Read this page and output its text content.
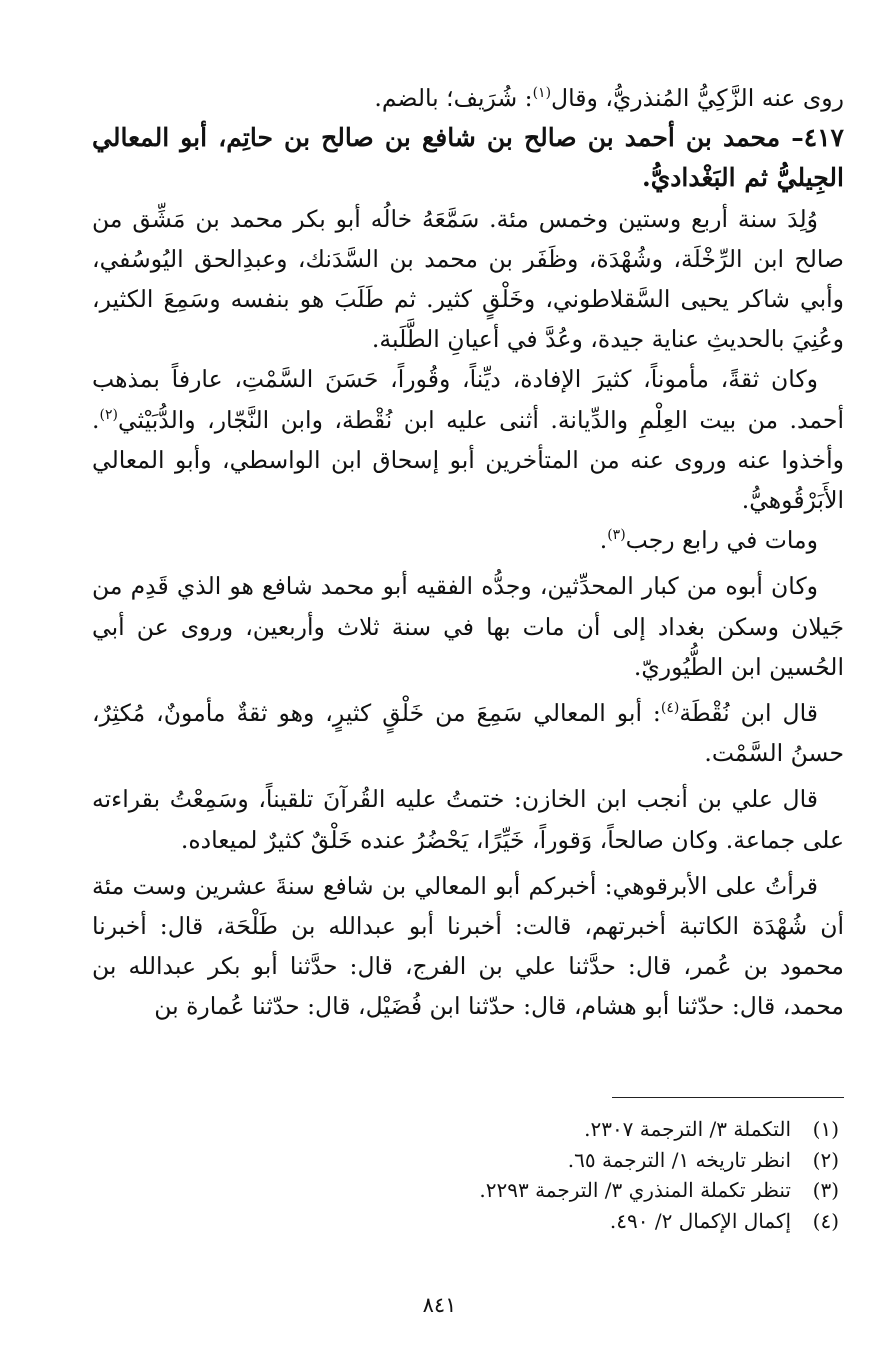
روى عنه الزَّكِيُّ المُنذريُّ، وقال$^{(١)}$: شُرَيف؛ بالضم.

٤١٧– محمد بن أحمد بن صالح بن شافع بن صالح بن حاتِم، أبو المعالي الجِيليُّ ثم البَغْداديُّ.

وُلِدَ سنة أربع وستين وخمس مئة. سَمَّعَهُ خالُه أبو بكر محمد بن مَشِّق من صالح ابن الرِّخْلَة، وشُهْدَة، وظَفَر بن محمد بن السَّدَنك، وعبدِالحق اليُوسُفي، وأبي شاكر يحيى السَّقلاطوني، وخَلْقٍ كثير. ثم طَلَبَ هو بنفسه وسَمِعَ الكثير، وعُنِيَ بالحديثِ عناية جيدة، وعُدَّ في أعيانِ الطَّلَبة.

وكان ثقةً، مأموناً، كثيرَ الإفادة، ديِّناً، وقُوراً، حَسَنَ السَّمْتِ، عارفاً بمذهب أحمد. من بيت العِلْمِ والدِّيانة. أثنى عليه ابن نُقْطة، وابن النَّجّار، والدُّبَيْثي$^{(٢)}$. وأخذوا عنه وروى عنه من المتأخرين أبو إسحاق ابن الواسطي، وأبو المعالي الأَبَرْقُوهيُّ.

ومات في رابع رجب$^{(٣)}$.

وكان أبوه من كبار المحدِّثين، وجدُّه الفقيه أبو محمد شافع هو الذي قَدِم من جَيلان وسكن بغداد إلى أن مات بها في سنة ثلاث وأربعين، وروى عن أبي الحُسين ابن الطُّيُوريّ.

قال ابن نُقْطَة$^{(٤)}$: أبو المعالي سَمِعَ من خَلْقٍ كثيرٍ، وهو ثقةٌ مأمونٌ، مُكثِرٌ، حسنُ السَّمْت.

قال علي بن أنجب ابن الخازن: ختمتُ عليه القُرآنَ تلقيناً، وسَمِعْتُ بقراءته على جماعة. وكان صالحاً، وَقوراً، خَيِّرًا، يَحْضُرُ عنده خَلْقٌ كثيرٌ لميعاده.

قرأتُ على الأبرقوهي: أخبركم أبو المعالي بن شافع سنةَ عشرين وست مئة أن شُهْدَة الكاتبة أخبرتهم، قالت: أخبرنا أبو عبدالله بن طَلْحَة، قال: أخبرنا محمود بن عُمر، قال: حدَّثنا علي بن الفرج، قال: حدَّثنا أبو بكر عبدالله بن محمد، قال: حدّثنا أبو هشام، قال: حدّثنا ابن فُضَيْل، قال: حدّثنا عُمارة بن

(١)التكملة ٣/ الترجمة ٢٣٠٧.
(٢)انظر تاريخه ١/ الترجمة ٦٥.
(٣)تنظر تكملة المنذري ٣/ الترجمة ٢٢٩٣.
(٤)إكمال الإكمال ٢/ ٤٩٠.
٨٤١
